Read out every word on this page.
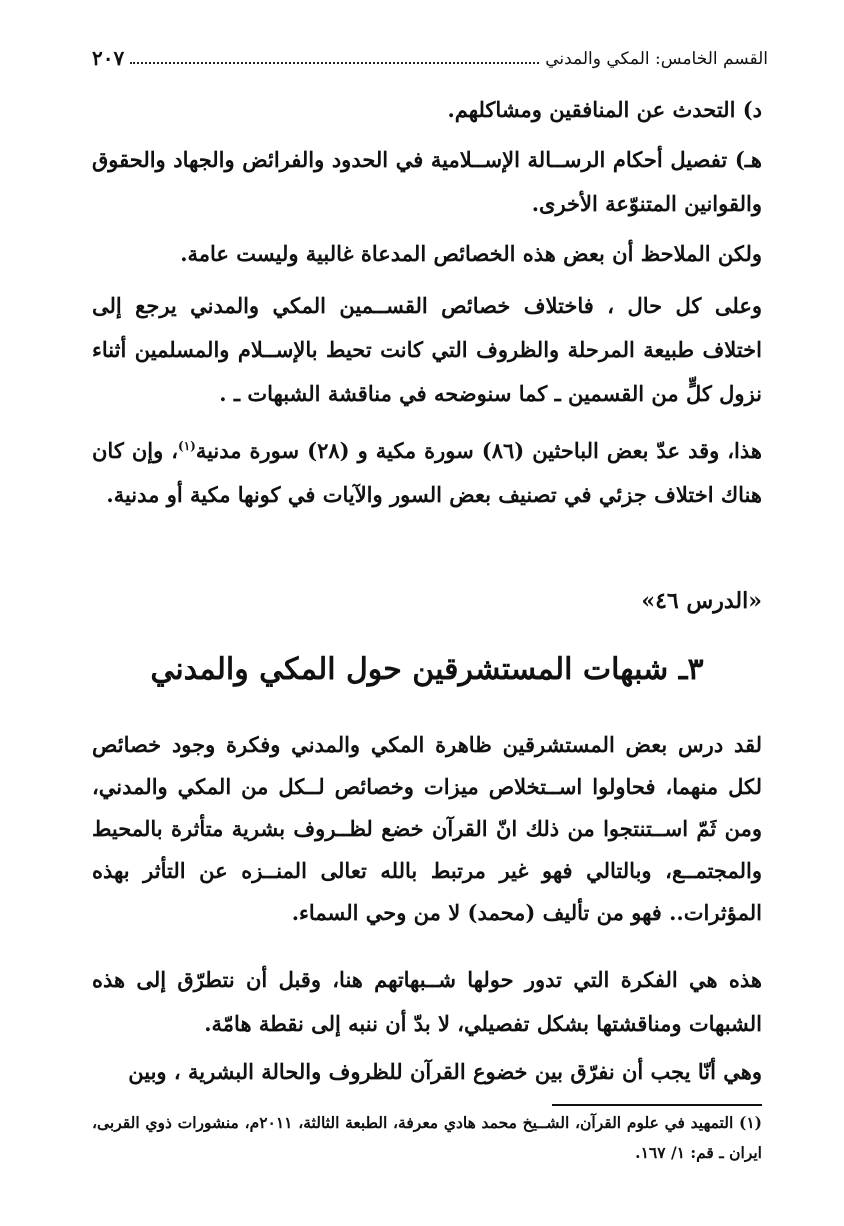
القسم الخامس: المكي والمدني
٢٠٧

د) التحدث عن المنافقين ومشاكلهم.

هـ) تفصيل أحكام الرســالة الإســلامية في الحدود والفرائض والجهاد والحقوق والقوانين المتنوّعة الأخرى.

ولكن الملاحظ أن بعض هذه الخصائص المدعاة غالبية وليست عامة.

وعلى كل حال ، فاختلاف خصائص القســمين المكي والمدني يرجع إلى اختلاف طبيعة المرحلة والظروف التي كانت تحيط بالإســلام والمسلمين أثناء نزول كلٍّ من القسمين ـ كما سنوضحه في مناقشة الشبهات ـ .

هذا، وقد عدّ بعض الباحثين (٨٦) سورة مكية و (٢٨) سورة مدنية$^{(١)}$، وإن كان هناك اختلاف جزئي في تصنيف بعض السور والآيات في كونها مكية أو مدنية.

«الدرس ٤٦»
٣ـ شبهات المستشرقين حول المكي والمدني

لقد درس بعض المستشرقين ظاهرة المكي والمدني وفكرة وجود خصائص لكل منهما، فحاولوا اســتخلاص ميزات وخصائص لــكل من المكي والمدني، ومن ثَمّ اســتنتجوا من ذلك انّ القرآن خضع لظــروف بشرية متأثرة بالمحيط والمجتمــع، وبالتالي فهو غير مرتبط بالله تعالى المنــزه عن التأثر بهذه المؤثرات.. فهو من تأليف (محمد) لا من وحي السماء.

هذه هي الفكرة التي تدور حولها شــبهاتهم هنا، وقبل أن نتطرّق إلى هذه الشبهات ومناقشتها بشكل تفصيلي، لا بدّ أن ننبه إلى نقطة هامّة.

وهي أنّا يجب أن نفرّق بين خضوع القرآن للظروف والحالة البشرية ، وبين

(١) التمهيد في علوم القرآن، الشــيخ محمد هادي معرفة، الطبعة الثالثة، ٢٠١١م، منشورات ذوي القربى، ايران ـ قم: ١/ ١٦٧.
